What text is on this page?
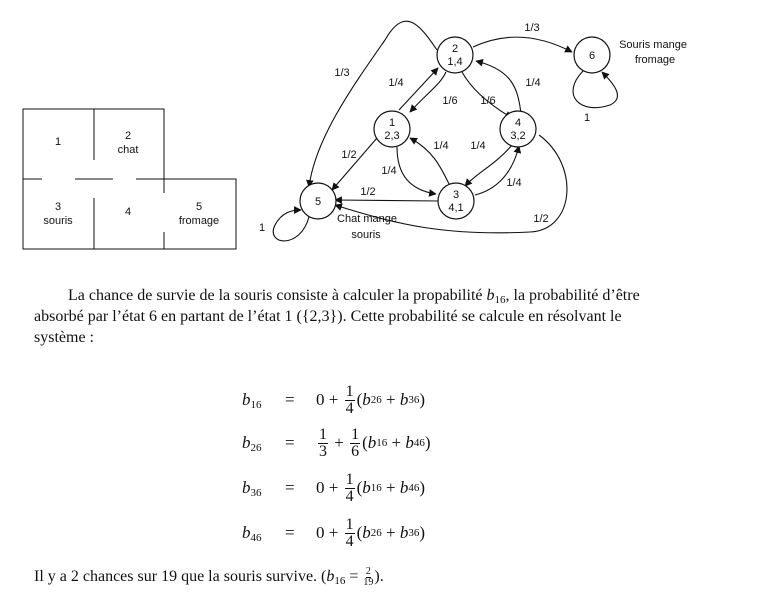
1	2
chat
3
souris
4	5
fromage
2
1,4
1
2,3
4
3,2
3
4,1
5
6
1/3
1/3
1/4
1/6 1/6
1/4
1/2
1/4
1/4 1/4
1/4
1/2
1/2
1
1
Souris mange
fromage
Chat mange
souris
La chance de survie de la souris consiste à calculer la propabilité $b_{16}$, la probabilité d’être absorbé par l’état 6 en partant de l’état 1 ({2,3}). Cette probabilité se calcule en résolvant le système :
$b_{16} = 0$
+
$\frac{1}{4}$ ( b 26
+
b 36 )
$b_{26} = \frac{1}{3}$
+
$\frac{1}{6}$ ( b 16
+
b 46 )
$b_{36} = 0$
+
$\frac{1}{4}$ ( b 16
+
b 46 )
$b_{46} = 0$
+
$\frac{1}{4}$ ( b 26
+
b 36 )
Il y a 2 chances sur 19 que la souris survive. ($b_{16} = \frac{2}{19}$ ).
